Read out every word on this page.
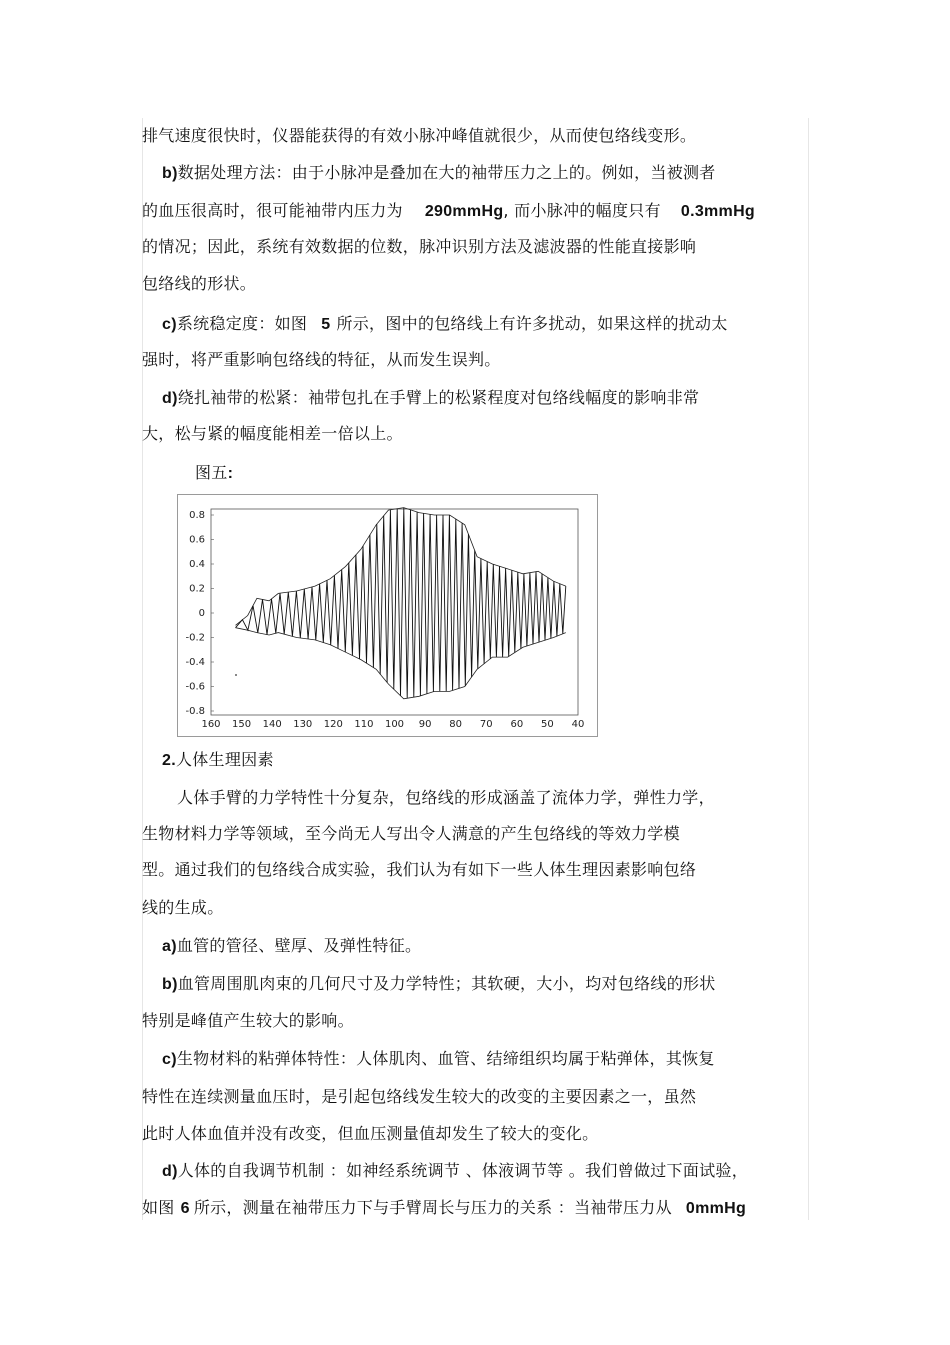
排气速度很快时，仪器能获得的有效小脉冲峰值就很少，从而使包络线变形。
b)数据处理方法：由于小脉冲是叠加在大的袖带压力之上的。例如，当被测者
的血压很高时，很可能袖带内压力为 290mmHg, 而小脉冲的幅度只有 0.3mmHg
的情况；因此，系统有效数据的位数，脉冲识别方法及滤波器的性能直接影响
包络线的形状。
c)系统稳定度：如图 5 所示，图中的包络线上有许多扰动，如果这样的扰动太
强时，将严重影响包络线的特征，从而发生误判。
d)绕扎袖带的松紧：袖带包扎在手臂上的松紧程度对包络线幅度的影响非常
大，松与紧的幅度能相差一倍以上。
图五:
2.人体生理因素
人体手臂的力学特性十分复杂，包络线的形成涵盖了流体力学，弹性力学，
生物材料力学等领域，至今尚无人写出令人满意的产生包络线的等效力学模
型。通过我们的包络线合成实验，我们认为有如下一些人体生理因素影响包络
线的生成。
a)血管的管径、壁厚、及弹性特征。
b)血管周围肌肉束的几何尺寸及力学特性；其软硬，大小，均对包络线的形状
特别是峰值产生较大的影响。
c)生物材料的粘弹体特性：人体肌肉、血管、结缔组织均属于粘弹体，其恢复
特性在连续测量血压时，是引起包络线发生较大的改变的主要因素之一，虽然
此时人体血值并没有改变，但血压测量值却发生了较大的变化。
d)人体的自我调节机制 ：如神经系统调节 、体液调节等 。我们曾做过下面试验，
如图 6 所示，测量在袖带压力下与手臂周长与压力的关系 ：当袖带压力从 0mmHg
0.8
0.6
0.4
0.2
0
-0.2
-0.4
-0.6
-0.8
160 150 140 130 120 110 100 90 80 70 60 50 40
